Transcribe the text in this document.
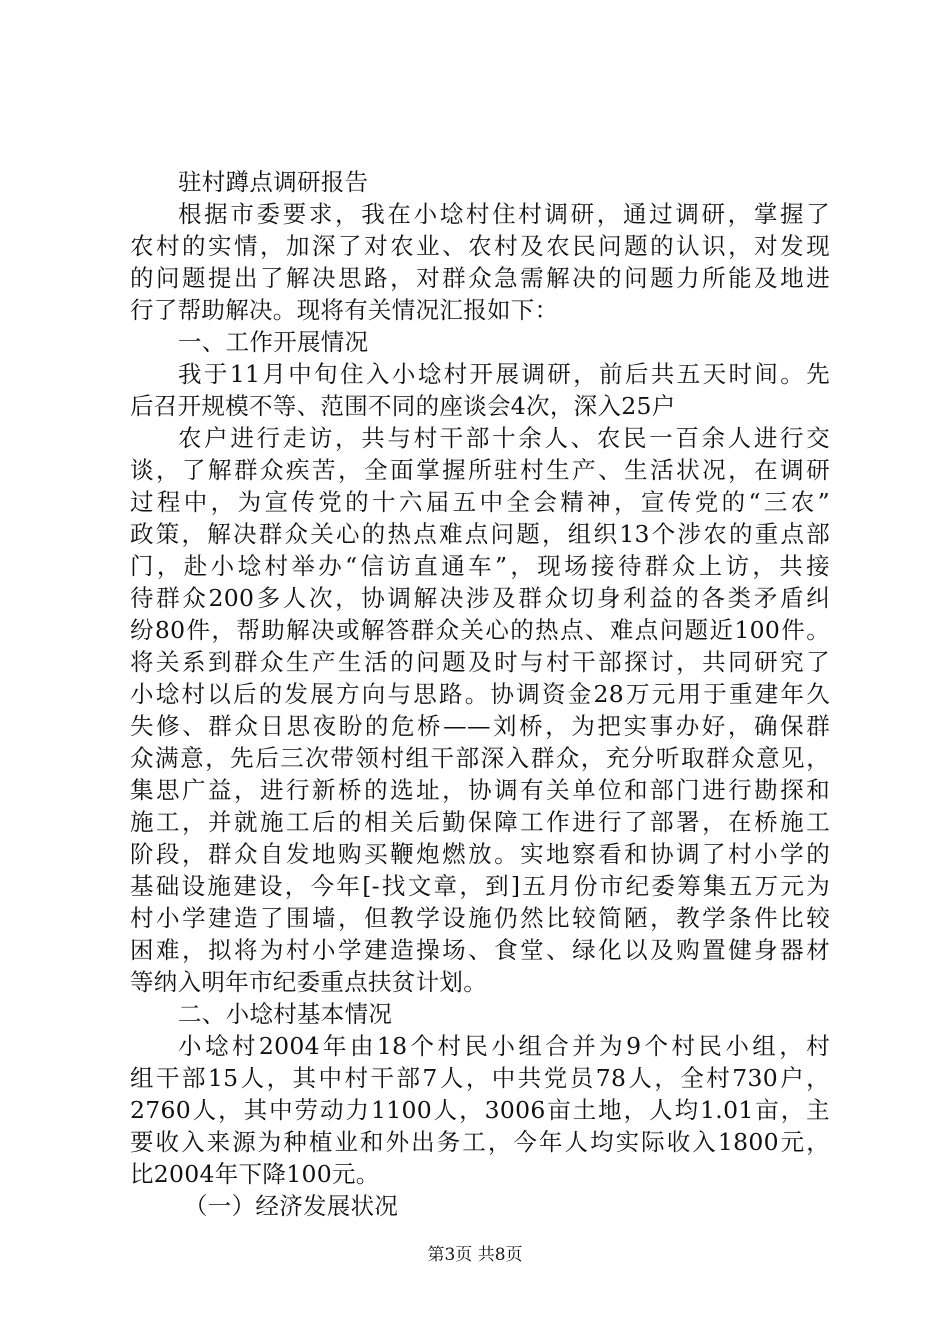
驻村蹲点调研报告
根据市委要求，我在小埝村住村调研，通过调研，掌握了
农村的实情，加深了对农业、农村及农民问题的认识，对发现
的问题提出了解决思路，对群众急需解决的问题力所能及地进
行了帮助解决。现将有关情况汇报如下：
一、工作开展情况
我于11月中旬住入小埝村开展调研，前后共五天时间。先
后召开规模不等、范围不同的座谈会4次，深入25户
农户进行走访，共与村干部十余人、农民一百余人进行交
谈，了解群众疾苦，全面掌握所驻村生产、生活状况，在调研
过程中，为宣传党的十六届五中全会精神，宣传党的“三农”
政策，解决群众关心的热点难点问题，组织13个涉农的重点部
门，赴小埝村举办“信访直通车”，现场接待群众上访，共接
待群众200多人次，协调解决涉及群众切身利益的各类矛盾纠
纷80件，帮助解决或解答群众关心的热点、难点问题近100件。
将关系到群众生产生活的问题及时与村干部探讨，共同研究了
小埝村以后的发展方向与思路。协调资金28万元用于重建年久
失修、群众日思夜盼的危桥——刘桥，为把实事办好，确保群
众满意，先后三次带领村组干部深入群众，充分听取群众意见，
集思广益，进行新桥的选址，协调有关单位和部门进行勘探和
施工，并就施工后的相关后勤保障工作进行了部署，在桥施工
阶段，群众自发地购买鞭炮燃放。实地察看和协调了村小学的
基础设施建设，今年[-找文章，到]五月份市纪委筹集五万元为
村小学建造了围墙，但教学设施仍然比较简陋，教学条件比较
困难，拟将为村小学建造操场、食堂、绿化以及购置健身器材
等纳入明年市纪委重点扶贫计划。
二、小埝村基本情况
小埝村2004年由18个村民小组合并为9个村民小组，村
组干部15人，其中村干部7人，中共党员78人，全村730户，
2760人，其中劳动力1100人，3006亩土地，人均1.01亩，主
要收入来源为种植业和外出务工，今年人均实际收入1800元，
比2004年下降100元。
（一）经济发展状况
第3页 共8页
